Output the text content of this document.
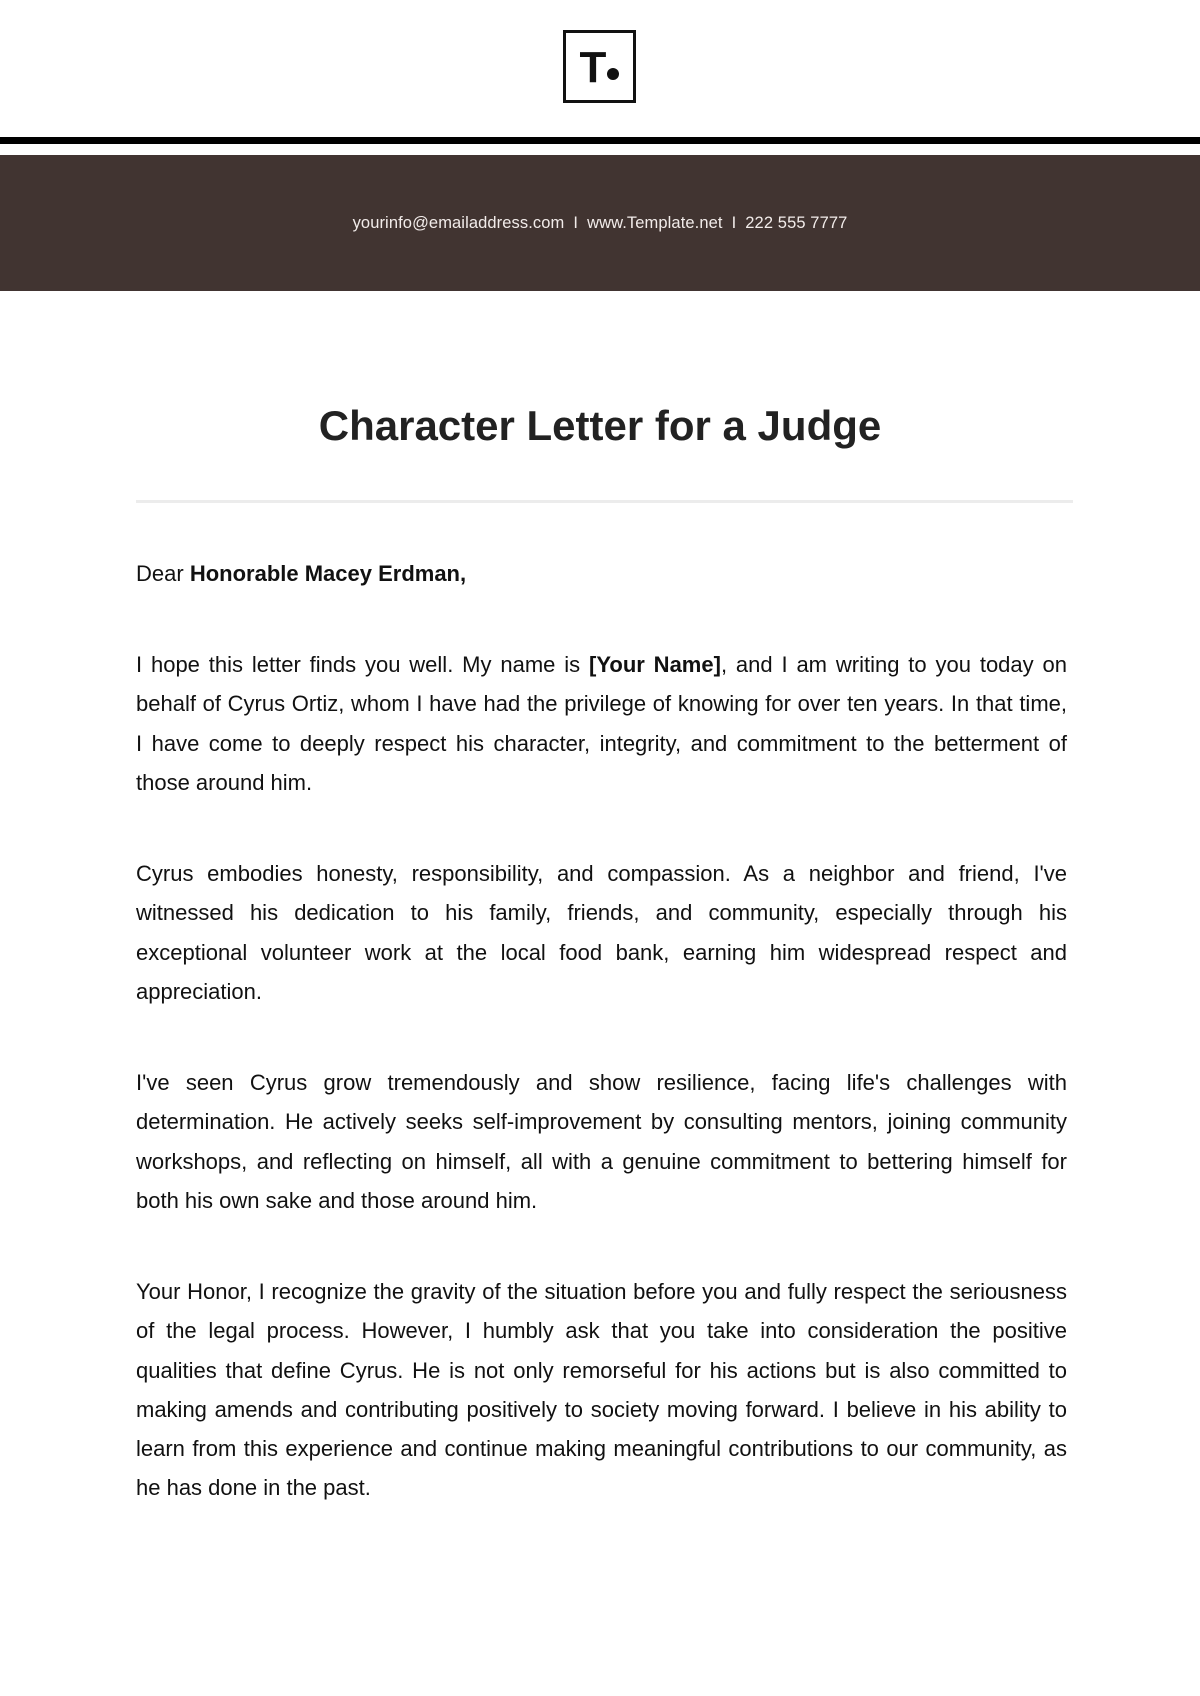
T
yourinfo@emailaddress.com I www.Template.net I 222 555 7777
Character Letter for a Judge

Dear Honorable Macey Erdman,

I hope this letter finds you well. My name is [Your Name], and I am writing to you today on behalf of Cyrus Ortiz, whom I have had the privilege of knowing for over ten years. In that time, I have come to deeply respect his character, integrity, and commitment to the betterment of those around him.

Cyrus embodies honesty, responsibility, and compassion. As a neighbor and friend, I've witnessed his dedication to his family, friends, and community, especially through his exceptional volunteer work at the local food bank, earning him widespread respect and appreciation.

I've seen Cyrus grow tremendously and show resilience, facing life's challenges with determination. He actively seeks self-improvement by consulting mentors, joining community workshops, and reflecting on himself, all with a genuine commitment to bettering himself for both his own sake and those around him.

Your Honor, I recognize the gravity of the situation before you and fully respect the seriousness of the legal process. However, I humbly ask that you take into consideration the positive qualities that define Cyrus. He is not only remorseful for his actions but is also committed to making amends and contributing positively to society moving forward. I believe in his ability to learn from this experience and continue making meaningful contributions to our community, as he has done in the past.
